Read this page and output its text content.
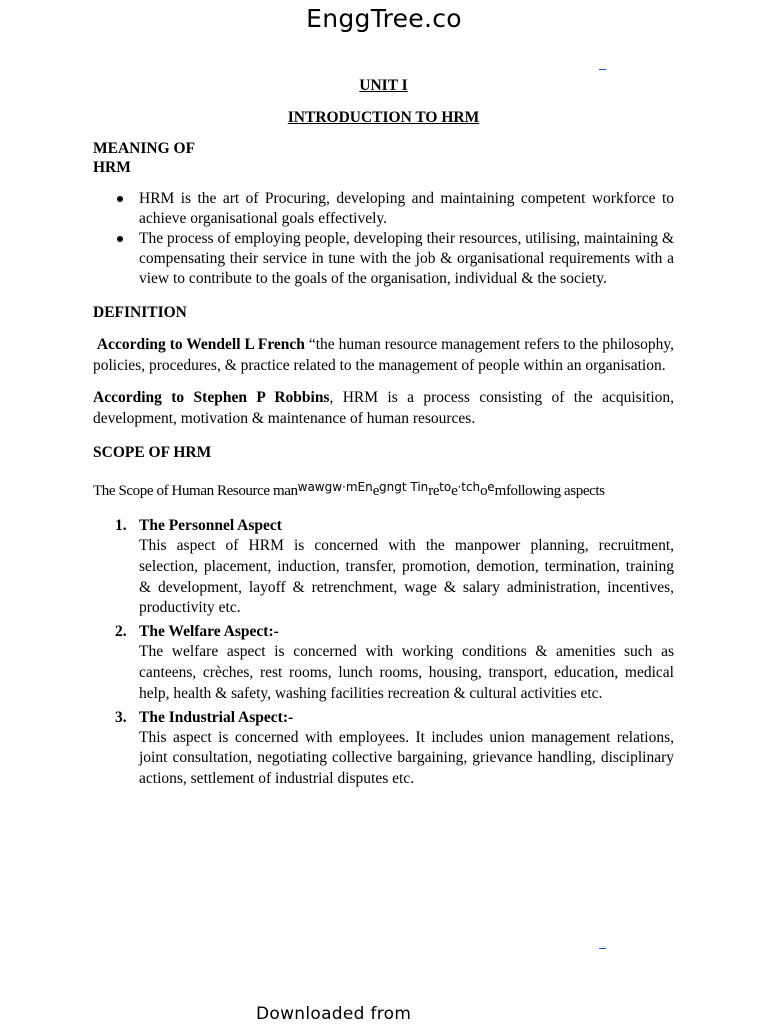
EnggTree.co

UNIT I

INTRODUCTION TO HRM

MEANING OF HRM

HRM is the art of Procuring, developing and maintaining competent workforce to achieve organisational goals effectively.
The process of employing people, developing their resources, utilising, maintaining & compensating their service in tune with the job & organisational requirements with a view to contribute to the goals of the organisation, individual & the society.

DEFINITION

According to Wendell L French “the human resource management refers to the philosophy, policies, procedures, & practice related to the management of people within an organisation.

According to Stephen P Robbins, HRM is a process consisting of the acquisition, development, motivation & maintenance of human resources.

SCOPE OF HRM

The Scope of Human Resource $man^{wawgw\cdot mEn}e^{gngt Tin}re^{to}e^{\cdot tch}o^emfollowing$ aspects

1. The Personnel Aspect
This aspect of HRM is concerned with the manpower planning, recruitment, selection, placement, induction, transfer, promotion, demotion, termination, training & development, layoff & retrenchment, wage & salary administration, incentives, productivity etc.
2. The Welfare Aspect:-
The welfare aspect is concerned with working conditions & amenities such as canteens, crèches, rest rooms, lunch rooms, housing, transport, education, medical help, health & safety, washing facilities recreation & cultural activities etc.
3. The Industrial Aspect:-
This aspect is concerned with employees. It includes union management relations, joint consultation, negotiating collective bargaining, grievance handling, disciplinary actions, settlement of industrial disputes etc.
Downloaded from
